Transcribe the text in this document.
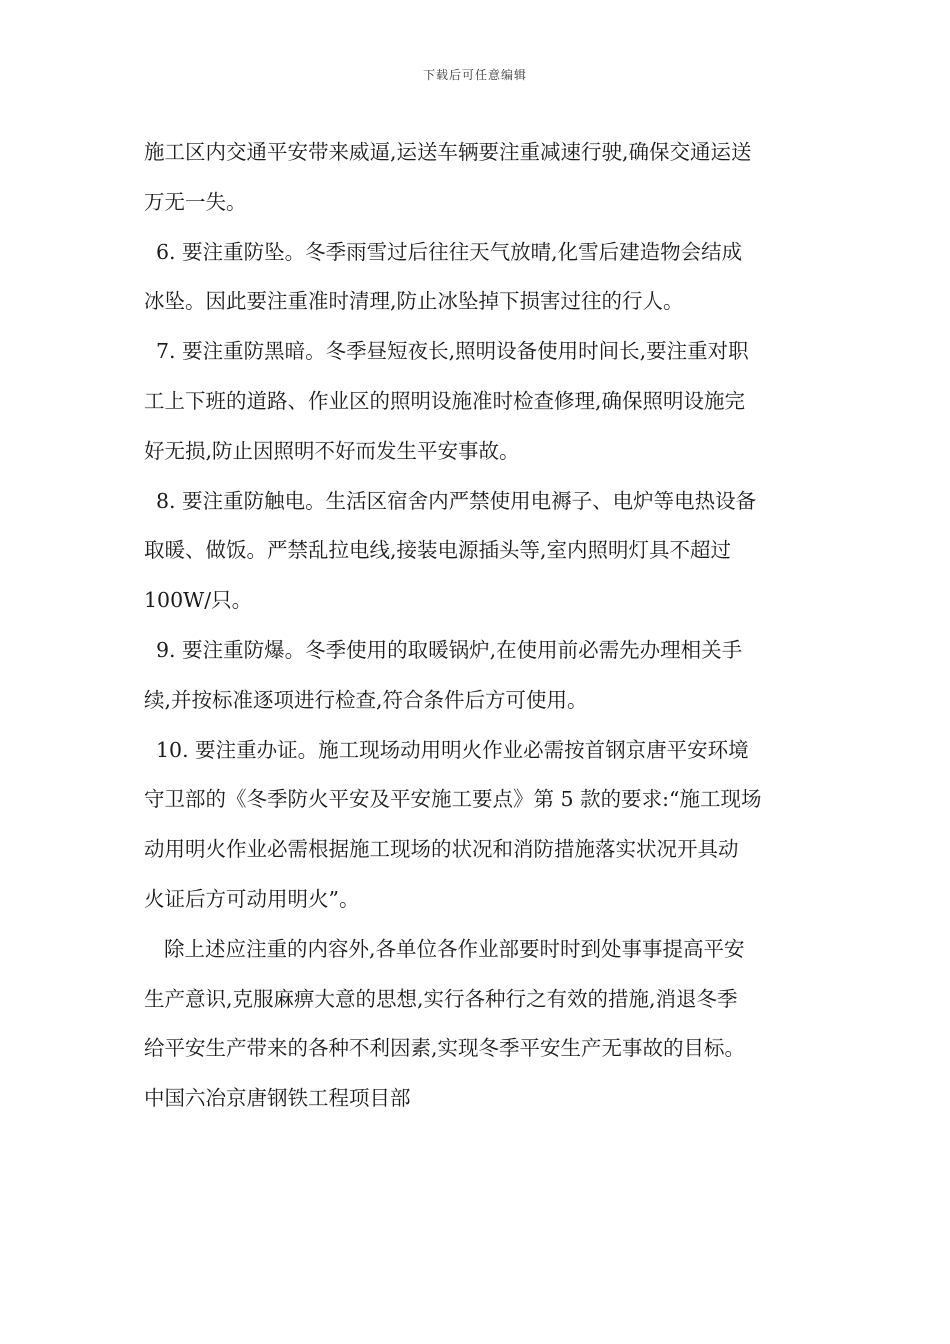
下载后可任意编辑
施工区内交通平安带来威逼,运送车辆要注重减速行驶,确保交通运送
万无一失。
6. 要注重防坠。冬季雨雪过后往往天气放晴,化雪后建造物会结成
冰坠。因此要注重准时清理,防止冰坠掉下损害过往的行人。
7. 要注重防黑暗。冬季昼短夜长,照明设备使用时间长,要注重对职
工上下班的道路、作业区的照明设施准时检查修理,确保照明设施完
好无损,防止因照明不好而发生平安事故。
8. 要注重防触电。生活区宿舍内严禁使用电褥子、电炉等电热设备
取暖、做饭。严禁乱拉电线,接装电源插头等,室内照明灯具不超过
100W/只。
9. 要注重防爆。冬季使用的取暖锅炉,在使用前必需先办理相关手
续,并按标准逐项进行检查,符合条件后方可使用。
10. 要注重办证。施工现场动用明火作业必需按首钢京唐平安环境
守卫部的《冬季防火平安及平安施工要点》第 5 款的要求:“施工现场
动用明火作业必需根据施工现场的状况和消防措施落实状况开具动
火证后方可动用明火”。
除上述应注重的内容外,各单位各作业部要时时到处事事提高平安
生产意识,克服麻痹大意的思想,实行各种行之有效的措施,消退冬季
给平安生产带来的各种不利因素,实现冬季平安生产无事故的目标。
中国六冶京唐钢铁工程项目部
